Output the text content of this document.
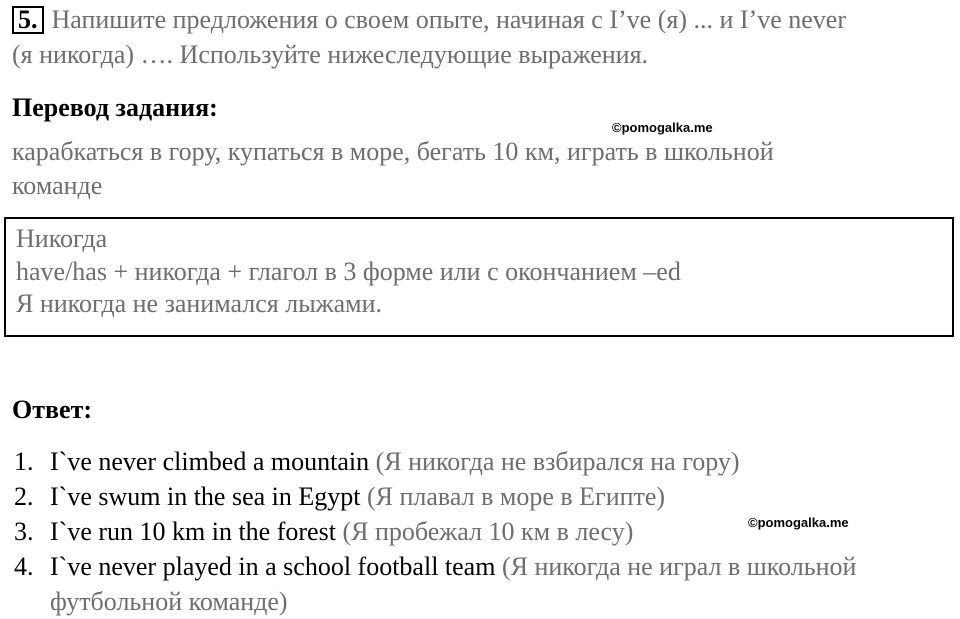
5. Напишите предложения о своем опыте, начиная с I’ve (я) ... и I’ve never
(я никогда) …. Используйте нижеследующие выражения.
Перевод задания:
©pomogalka.me
карабкаться в гору, купаться в море, бегать 10 км, играть в школьной
команде
Никогда
have/has + никогда + глагол в 3 форме или с окончанием –ed
Я никогда не занимался лыжами.
Ответ:
1. I`ve never climbed a mountain (Я никогда не взбирался на гору)
2. I`ve swum in the sea in Egypt (Я плавал в море в Египте)
3. I`ve run 10 km in the forest (Я пробежал 10 км в лесу)
4. I`ve never played in a school football team (Я никогда не играл в школьной
футбольной команде)
©pomogalka.me
